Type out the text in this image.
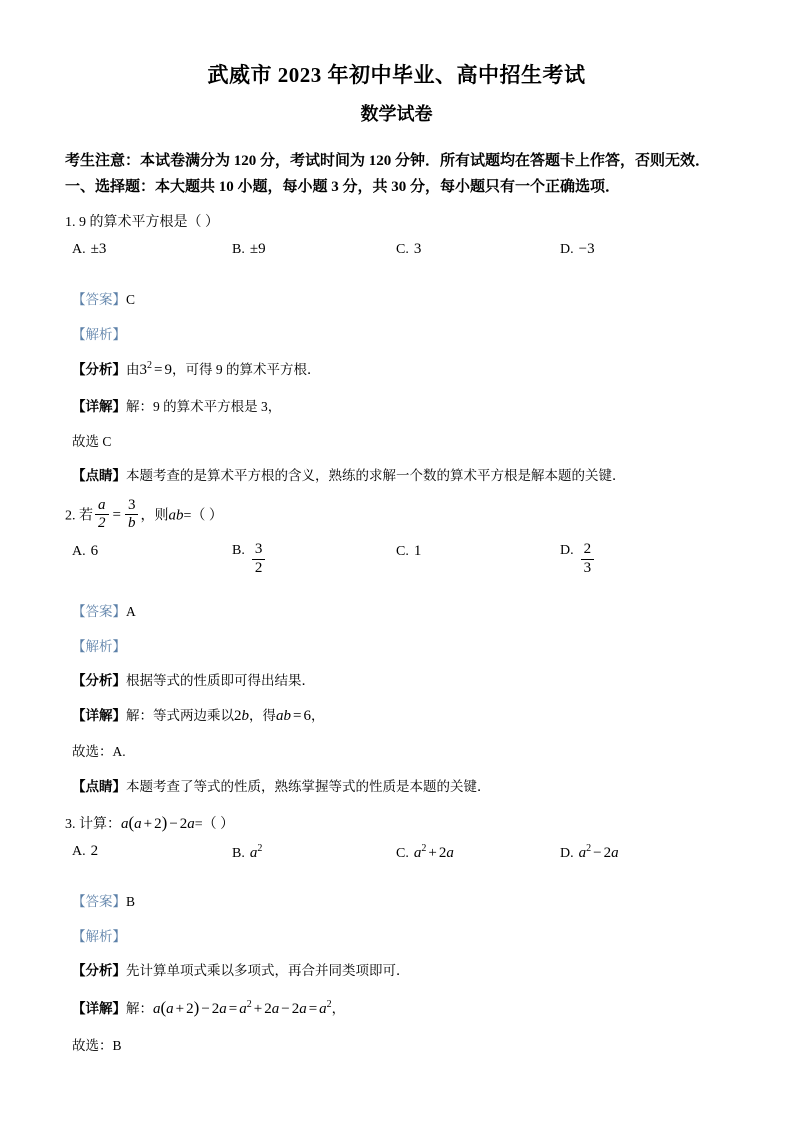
武威市 2023 年初中毕业、高中招生考试
数学试卷

考生注意：本试卷满分为 120 分，考试时间为 120 分钟．所有试题均在答题卡上作答，否则无效．

一、选择题：本大题共 10 小题，每小题 3 分，共 30 分，每小题只有一个正确选项．

1. 9 的算术平方根是（ ）

A. ±3	B. ±9	C. 3	D. −3

【答案】C

【解析】

【分析】由$3^2 = 9$，可得 9 的算术平方根．

【详解】解：9 的算术平方根是 3，

故选 C

【点睛】本题考查的是算术平方根的含义，熟练的求解一个数的算术平方根是解本题的关键．

2. 若 $\frac{a}{2} = \frac{3}{b}$ ，则ab=（ ）

A. 6	B. $\frac{3}{2}$	C. 1	D. $\frac{2}{3}$

【答案】A

【解析】

【分析】根据等式的性质即可得出结果．

【详解】解：等式两边乘以2b，得ab = 6，

故选：A.

【点睛】本题考查了等式的性质，熟练掌握等式的性质是本题的关键．

3. 计算：a(a + 2) − 2a=（ ）

A. 2	B. $a^2$	C. $a^2 + 2a$	D. $a^2 - 2a$

【答案】B

【解析】

【分析】先计算单项式乘以多项式，再合并同类项即可．

【详解】解：$a(a + 2) - 2a = a^2 + 2a - 2a = a^2$，

故选：B
